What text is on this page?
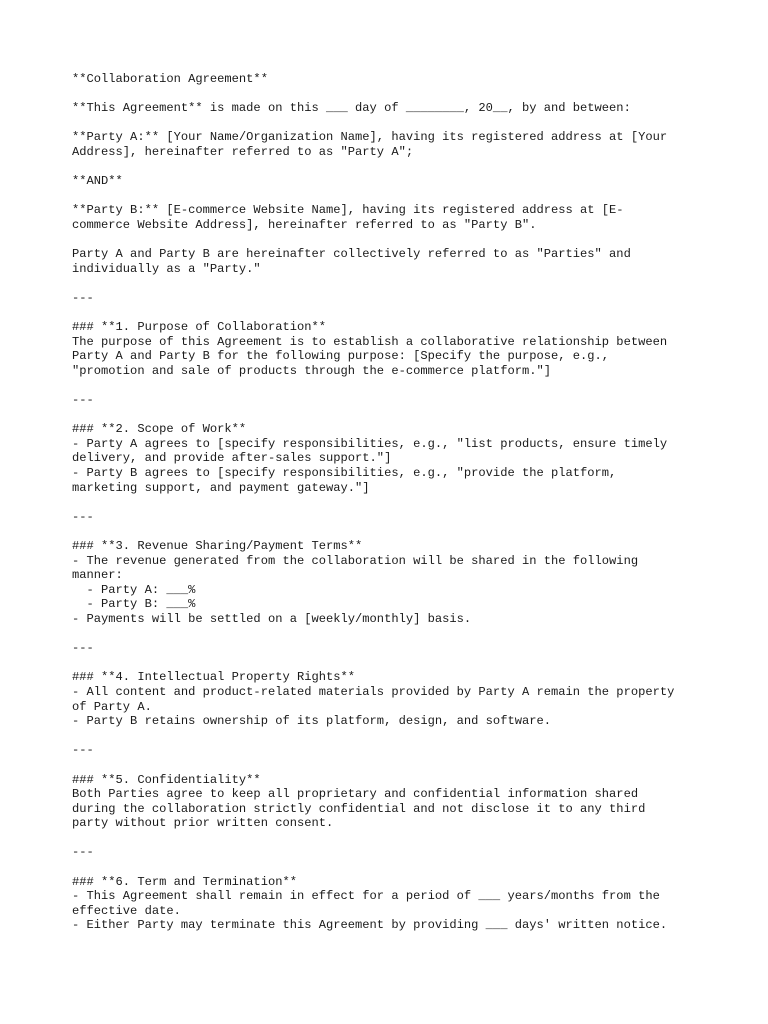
**Collaboration Agreement**
**This Agreement** is made on this ___ day of ________, 20__, by and between:
**Party A:** [Your Name/Organization Name], having its registered address at [Your
Address], hereinafter referred to as "Party A";
**AND**
**Party B:** [E-commerce Website Name], having its registered address at [E-
commerce Website Address], hereinafter referred to as "Party B".
Party A and Party B are hereinafter collectively referred to as "Parties" and
individually as a "Party."
---
### **1. Purpose of Collaboration**
The purpose of this Agreement is to establish a collaborative relationship between
Party A and Party B for the following purpose: [Specify the purpose, e.g.,
"promotion and sale of products through the e-commerce platform."]
---
### **2. Scope of Work**
- Party A agrees to [specify responsibilities, e.g., "list products, ensure timely
delivery, and provide after-sales support."]
- Party B agrees to [specify responsibilities, e.g., "provide the platform,
marketing support, and payment gateway."]
---
### **3. Revenue Sharing/Payment Terms**
- The revenue generated from the collaboration will be shared in the following
manner:
- Party A: ___%
- Party B: ___%
- Payments will be settled on a [weekly/monthly] basis.
---
### **4. Intellectual Property Rights**
- All content and product-related materials provided by Party A remain the property
of Party A.
- Party B retains ownership of its platform, design, and software.
---
### **5. Confidentiality**
Both Parties agree to keep all proprietary and confidential information shared
during the collaboration strictly confidential and not disclose it to any third
party without prior written consent.
---
### **6. Term and Termination**
- This Agreement shall remain in effect for a period of ___ years/months from the
effective date.
- Either Party may terminate this Agreement by providing ___ days' written notice.
